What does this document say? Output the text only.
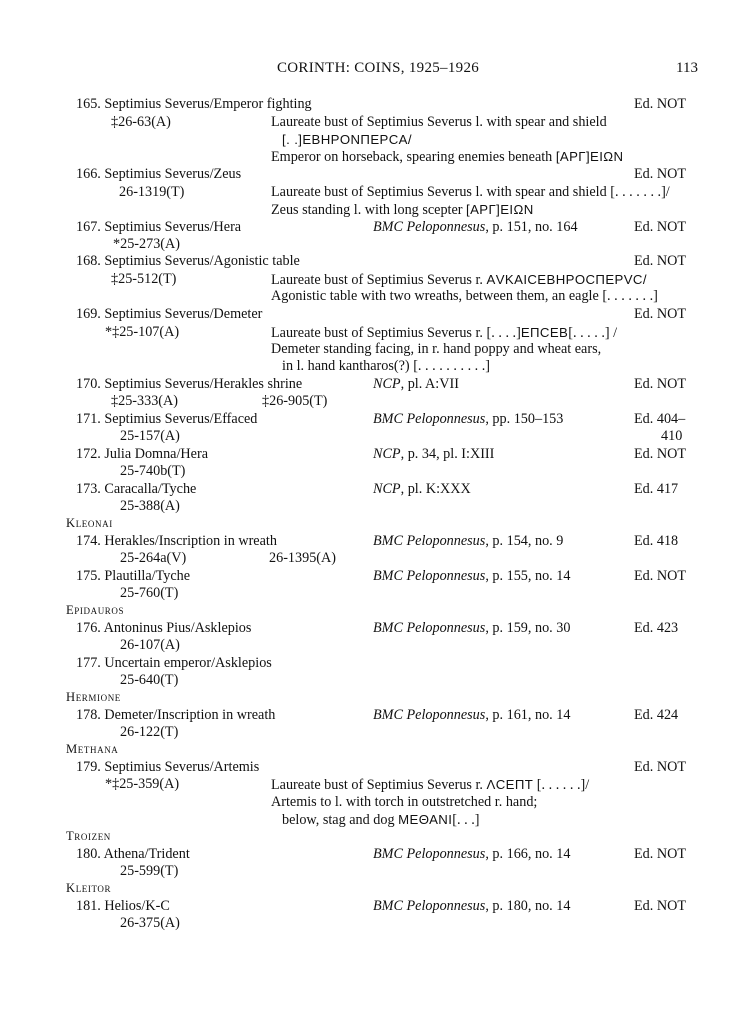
CORINTH: COINS, 1925–1926	113
165. Septimius Severus/Emperor fighting	Ed. NOT
‡26-63(A)	Laureate bust of Septimius Severus l. with spear and shield
[. .]ΕΒΗΡΟΝΠΕΡCΑ/
Emperor on horseback, spearing enemies beneath [ΑΡΓ]ΕΙΩΝ
166. Septimius Severus/Zeus	Ed. NOT
26-1319(T)	Laureate bust of Septimius Severus l. with spear and shield [. . . . . . .]/
Zeus standing l. with long scepter [ΑΡΓ]ΕΙΩΝ
167. Septimius Severus/Hera	BMC Peloponnesus, p. 151, no. 164	Ed. NOT
*25-273(A)
168. Septimius Severus/Agonistic table	Ed. NOT
‡25-512(T)	Laureate bust of Septimius Severus r. ΑVΚΑΙCΕΒΗΡΟCΠΕΡVC/
Agonistic table with two wreaths, between them, an eagle [. . . . . . .]
169. Septimius Severus/Demeter	Ed. NOT
*‡25-107(A)	Laureate bust of Septimius Severus r. [. . . .]ΕΠCΕΒ[. . . . .] /
Demeter standing facing, in r. hand poppy and wheat ears,
in l. hand kantharos(?) [. . . . . . . . . .]
170. Septimius Severus/Herakles shrine	NCP, pl. A:VII	Ed. NOT
‡25-333(A)	‡26-905(T)
171. Septimius Severus/Effaced	BMC Peloponnesus, pp. 150–153	Ed. 404–
25-157(A)	410
172. Julia Domna/Hera	NCP, p. 34, pl. I:XIII	Ed. NOT
25-740b(T)
173. Caracalla/Tyche	NCP, pl. K:XXX	Ed. 417
25-388(A)
Kleonai
174. Herakles/Inscription in wreath	BMC Peloponnesus, p. 154, no. 9	Ed. 418
25-264a(V)	26-1395(A)
175. Plautilla/Tyche	BMC Peloponnesus, p. 155, no. 14	Ed. NOT
25-760(T)
Epidauros
176. Antoninus Pius/Asklepios	BMC Peloponnesus, p. 159, no. 30	Ed. 423
26-107(A)
177. Uncertain emperor/Asklepios
25-640(T)
Hermione
178. Demeter/Inscription in wreath	BMC Peloponnesus, p. 161, no. 14	Ed. 424
26-122(T)
Methana
179. Septimius Severus/Artemis	Ed. NOT
*‡25-359(A)	Laureate bust of Septimius Severus r. ΛCΕΠΤ [. . . . . .]/
Artemis to l. with torch in outstretched r. hand;
below, stag and dog ΜΕΘΑΝΙ[. . .]
Troizen
180. Athena/Trident	BMC Peloponnesus, p. 166, no. 14	Ed. NOT
25-599(T)
Kleitor
181. Helios/K-C	BMC Peloponnesus, p. 180, no. 14	Ed. NOT
26-375(A)
